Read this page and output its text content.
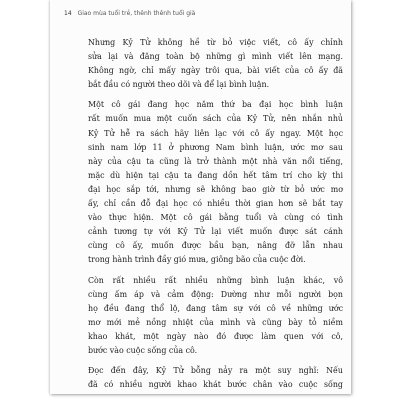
14 Giao mùa tuổi trẻ, thênh thênh tuổi già
Nhưng Kỷ Tử không hề từ bỏ việc viết, cô ấy chỉnh
sửa lại và đăng toàn bộ những gì mình viết lên mạng.
Không ngờ, chỉ mấy ngày trôi qua, bài viết của cô ấy đã
bắt đầu có người theo dõi và để lại bình luận.
Một cô gái đang học năm thứ ba đại học bình luận
rất muốn mua một cuốn sách của Kỷ Tử, nên nhắn nhủ
Kỷ Tử hễ ra sách hãy liên lạc với cô ấy ngay. Một học
sinh nam lớp 11 ở phương Nam bình luận, ước mơ sau
này của cậu ta cũng là trở thành một nhà văn nổi tiếng,
mặc dù hiện tại cậu ta đang dồn hết tâm trí cho kỳ thi
đại học sắp tới, nhưng sẽ không bao giờ từ bỏ ước mơ
ấy, chỉ cần đỗ đại học có nhiều thời gian hơn sẽ bắt tay
vào thực hiện. Một cô gái bằng tuổi và cùng có tình
cảnh tương tự với Kỷ Tử lại viết muốn được sát cánh
cùng cô ấy, muốn được bầu bạn, nâng đỡ lẫn nhau
trong hành trình đầy gió mưa, giông bão của cuộc đời.
Còn rất nhiều rất nhiều những bình luận khác, vô
cùng ấm áp và cảm động: Dường như mỗi người bọn
họ đều đang thổ lộ, đang tâm sự với cô về những ước
mơ mới mẻ nồng nhiệt của mình và cũng bày tỏ niềm
khao khát, một ngày nào đó được làm quen với cô,
bước vào cuộc sống của cô.
Đọc đến đây, Kỷ Tử bỗng nảy ra một suy nghĩ: Nếu
đã có nhiều người khao khát bước chân vào cuộc sống
